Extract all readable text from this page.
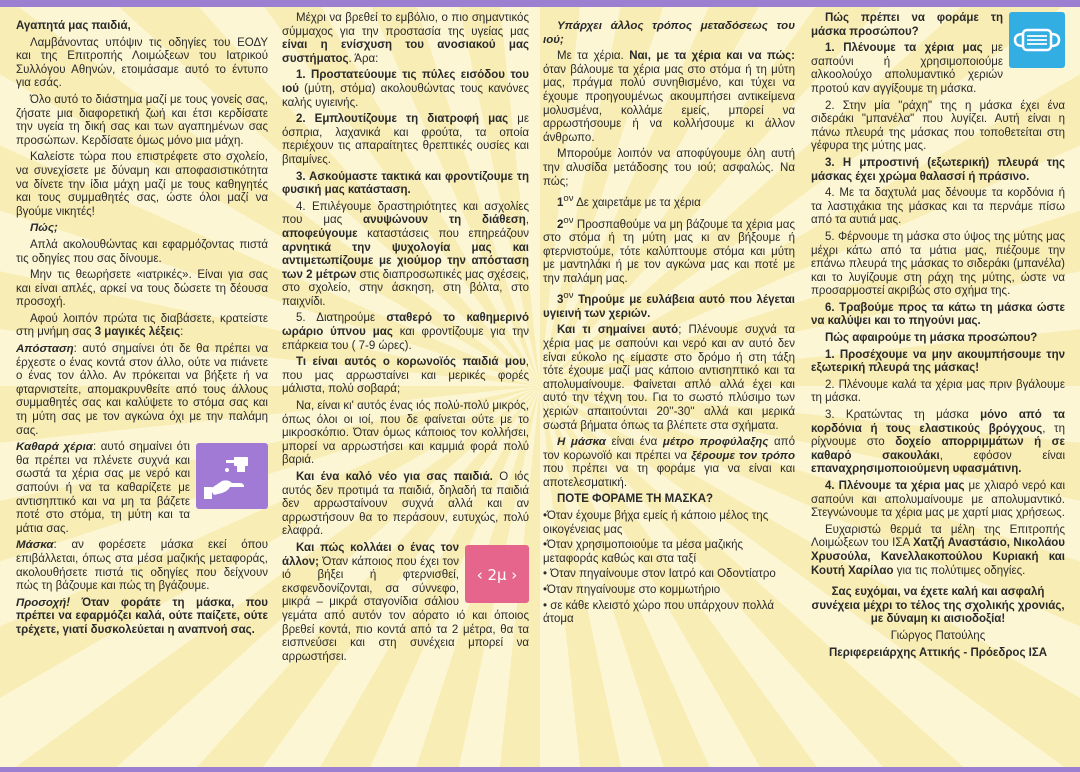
Αγαπητά μας παιδιά,

Λαμβάνοντας υπόψιν τις οδηγίες του ΕΟΔΥ και της Επιτροπής Λοιμώξεων του Ιατρικού Συλλόγου Αθηνών, ετοιμάσαμε αυτό το έντυπο για εσάς.

Όλο αυτό το διάστημα μαζί με τους γονείς σας, ζήσατε μια διαφορετική ζωή και έτσι κερδίσατε την υγεία τη δική σας και των αγαπημένων σας προσώπων. Κερδίσατε όμως μόνο μια μάχη.

Καλείστε τώρα που επιστρέφετε στο σχολείο, να συνεχίσετε με δύναμη και αποφασιστικότητα να δίνετε την ίδια μάχη μαζί με τους καθηγητές και τους συμμαθητές σας, ώστε όλοι μαζί να βγούμε νικητές!

Πώς;

Απλά ακολουθώντας και εφαρμόζοντας πιστά τις οδηγίες που σας δίνουμε.

Μην τις θεωρήσετε «ιατρικές». Είναι για σας και είναι απλές, αρκεί να τους δώσετε τη δέουσα προσοχή.

Αφού λοιπόν πρώτα τις διαβάσετε, κρατείστε στη μνήμη σας 3 μαγικές λέξεις:

Απόσταση: αυτό σημαίνει ότι δε θα πρέπει να έρχεστε ο ένας κοντά στον άλλο, ούτε να πιάνετε ο ένας τον άλλο. Αν πρόκειται να βήξετε ή να φταρνιστείτε, απομακρυνθείτε από τους άλλους συμμαθητές σας και καλύψετε το στόμα σας και τη μύτη σας με τον αγκώνα όχι με την παλάμη σας.

Καθαρά χέρια: αυτό σημαίνει ότι θα πρέπει να πλένετε συχνά και σωστά τα χέρια σας με νερό και σαπούνι ή να τα καθαρίζετε με αντισηπτικό και να μη τα βάζετε ποτέ στο στόμα, τη μύτη και τα μάτια σας.

Μάσκα: αν φορέσετε μάσκα εκεί όπου επιβάλλεται, όπως στα μέσα μαζικής μεταφοράς, ακολουθήσετε πιστά τις οδηγίες που δείχνουν πώς τη βάζουμε και πώς τη βγάζουμε.

Προσοχή! Όταν φοράτε τη μάσκα, που πρέπει να εφαρμόζει καλά, ούτε παίζετε, ούτε τρέχετε, γιατί δυσκολεύεται η αναπνοή σας.

Μέχρι να βρεθεί το εμβόλιο, ο πιο σημαντικός σύμμαχος για την προστασία της υγείας μας είναι η ενίσχυση του ανοσιακού μας συστήματος. Άρα:

1. Προστατεύουμε τις πύλες εισόδου του ιού (μύτη, στόμα) ακολουθώντας τους κανόνες καλής υγιεινής.

2. Εμπλουτίζουμε τη διατροφή μας με όσπρια, λαχανικά και φρούτα, τα οποία περιέχουν τις απαραίτητες θρεπτικές ουσίες και βιταμίνες.

3. Ασκούμαστε τακτικά και φροντίζουμε τη φυσική μας κατάσταση.

4. Επιλέγουμε δραστηριότητες και ασχολίες που μας ανυψώνουν τη διάθεση, αποφεύγουμε καταστάσεις που επηρεάζουν αρνητικά την ψυχολογία μας και αντιμετωπίζουμε με χιούμορ την απόσταση των 2 μέτρων στις διαπροσωπικές μας σχέσεις, στο σχολείο, στην άσκηση, στη βόλτα, στο παιχνίδι.

5. Διατηρούμε σταθερό το καθημερινό ωράριο ύπνου μας και φροντίζουμε για την επάρκεια του ( 7-9 ώρες).

Τι είναι αυτός ο κορωνοϊός παιδιά μου, που μας αρρωσταίνει και μερικές φορές μάλιστα, πολύ σοβαρά;

Να, είναι κι' αυτός ένας ιός πολύ-πολύ μικρός, όπως όλοι οι ιοί, που δε φαίνεται ούτε με το μικροσκόπιο. Όταν όμως κάποιος τον κολλήσει, μπορεί να αρρωστήσει και καμμιά φορά πολύ βαριά.

Και ένα καλό νέο για σας παιδιά. Ο ιός αυτός δεν προτιμά τα παιδιά, δηλαδή τα παιδιά δεν αρρωσταίνουν συχνά αλλά και αν αρρωστήσουν θα το περάσουν, ευτυχώς, πολύ ελαφρά.

‹ 2μ ›

Και πώς κολλάει ο ένας τον άλλον; Όταν κάποιος που έχει τον ιό βήξει ή φτερνισθεί, εκσφενδονίζονται, σα σύννεφο, μικρά – μικρά σταγονίδια σάλιου γεμάτα από αυτόν τον αόρατο ιό και όποιος βρεθεί κοντά, πιο κοντά από τα 2 μέτρα, θα τα εισπνεύσει και στη συνέχεια μπορεί να αρρωστήσει.

Υπάρχει άλλος τρόπος μεταδόσεως του ιού;

Με τα χέρια. Ναι, με τα χέρια και να πώς: όταν βάλουμε τα χέρια μας στο στόμα ή τη μύτη μας, πράγμα πολύ συνηθισμένο, και τύχει να έχουμε προηγουμένως ακουμπήσει αντικείμενα μολυσμένα, κολλάμε εμείς, μπορεί να αρρωστήσουμε ή να κολλήσουμε κι άλλον άνθρωπο.

Μπορούμε λοιπόν να αποφύγουμε όλη αυτή την αλυσίδα μετάδοσης του ιού; ασφαλώς. Να πώς;

$1^{o\nu}$ Δε χαιρετάμε με τα χέρια

$2^{o\nu}$ Προσπαθούμε να μη βάζουμε τα χέρια μας στο στόμα ή τη μύτη μας κι αν βήξουμε ή φτερνιστούμε, τότε καλύπτουμε στόμα και μύτη με μαντηλάκι ή με τον αγκώνα μας και ποτέ με την παλάμη μας.

$3^{o\nu}$ Τηρούμε με ευλάβεια αυτό που λέγεται υγιεινή των χεριών.

Και τι σημαίνει αυτό; Πλένουμε συχνά τα χέρια μας με σαπούνι και νερό και αν αυτό δεν είναι εύκολο ης είμαστε στο δρόμο ή στη τάξη τότε έχουμε μαζί μας κάποιο αντισηπτικό και τα απολυμαίνουμε. Φαίνεται απλό αλλά έχει και αυτό την τέχνη του. Για το σωστό πλύσιμο των χεριών απαιτούνται 20''-30'' αλλά και μερικά σωστά βήματα όπως τα βλέπετε στα σχήματα.

Η μάσκα είναι ένα μέτρο προφύλαξης από τον κορωνοϊό και πρέπει να ξέρουμε τον τρόπο που πρέπει να τη φοράμε για να είναι και αποτελεσματική.

ΠΟΤΕ ΦΟΡΑΜΕ ΤΗ ΜΑΣΚΑ?

•Όταν έχουμε βήχα εμείς ή κάποιο μέλος της οικογένειας μας
•Όταν χρησιμοποιούμε τα μέσα μαζικής μεταφοράς καθώς και στα ταξί
• Όταν πηγαίνουμε στον Ιατρό και Οδοντίατρο
•Όταν πηγαίνουμε στο κομμωτήριο
• σε κάθε κλειστό χώρο που υπάρχουν πολλά άτομα

Πώς πρέπει να φοράμε τη μάσκα προσώπου?

1. Πλένουμε τα χέρια μας με σαπούνι ή χρησιμοποιούμε αλκοολούχο απολυμαντικό χεριών προτού καν αγγίξουμε τη μάσκα.

2. Στην μία "ράχη" της η μάσκα έχει ένα σιδεράκι "μπανέλα" που λυγίζει. Αυτή είναι η πάνω πλευρά της μάσκας που τοποθετείται στη γέφυρα της μύτης μας.

3. Η μπροστινή (εξωτερική) πλευρά της μάσκας έχει χρώμα θαλασσί ή πράσινο.

4. Με τα δαχτυλά μας δένουμε τα κορδόνια ή τα λαστιχάκια της μάσκας και τα περνάμε πίσω από τα αυτιά μας.

5. Φέρνουμε τη μάσκα στο ύψος της μύτης μας μέχρι κάτω από τα μάτια μας, πιέζουμε την επάνω πλευρά της μάσκας το σιδεράκι (μπανέλα) και το λυγίζουμε στη ράχη της μύτης, ώστε να προσαρμοστεί ακριβώς στο σχήμα της.

6. Τραβούμε προς τα κάτω τη μάσκα ώστε να καλύψει και το πηγούνι μας.

Πώς αφαιρούμε τη μάσκα προσώπου?

1. Προσέχουμε να μην ακουμπήσουμε την εξωτερική πλευρά της μάσκας!

2. Πλένουμε καλά τα χέρια μας πριν βγάλουμε τη μάσκα.

3. Κρατώντας τη μάσκα μόνο από τα κορδόνια ή τους ελαστικούς βρόγχους, τη ρίχνουμε στο δοχείο απορριμμάτων ή σε καθαρό σακουλάκι, εφόσον είναι επαναχρησιμοποιούμενη υφασμάτινη.

4. Πλένουμε τα χέρια μας με χλιαρό νερό και σαπούνι και απολυμαίνουμε με απολυμαντικό. Στεγνώνουμε τα χέρια μας με χαρτί μιας χρήσεως.

Ευχαριστώ θερμά τα μέλη της Επιτροπής Λοιμώξεων του ΙΣΑ Χατζή Αναστάσιο, Νικολάου Χρυσούλα, Κανελλακοπούλου Κυριακή και Κουτή Χαρίλαο για τις πολύτιμες οδηγίες.

Σας ευχόμαι, να έχετε καλή και ασφαλή συνέχεια μέχρι το τέλος της σχολικής χρονιάς, με δύναμη κι αισιοδοξία!

Γιώργος Πατούλης

Περιφερειάρχης Αττικής - Πρόεδρος ΙΣΑ
